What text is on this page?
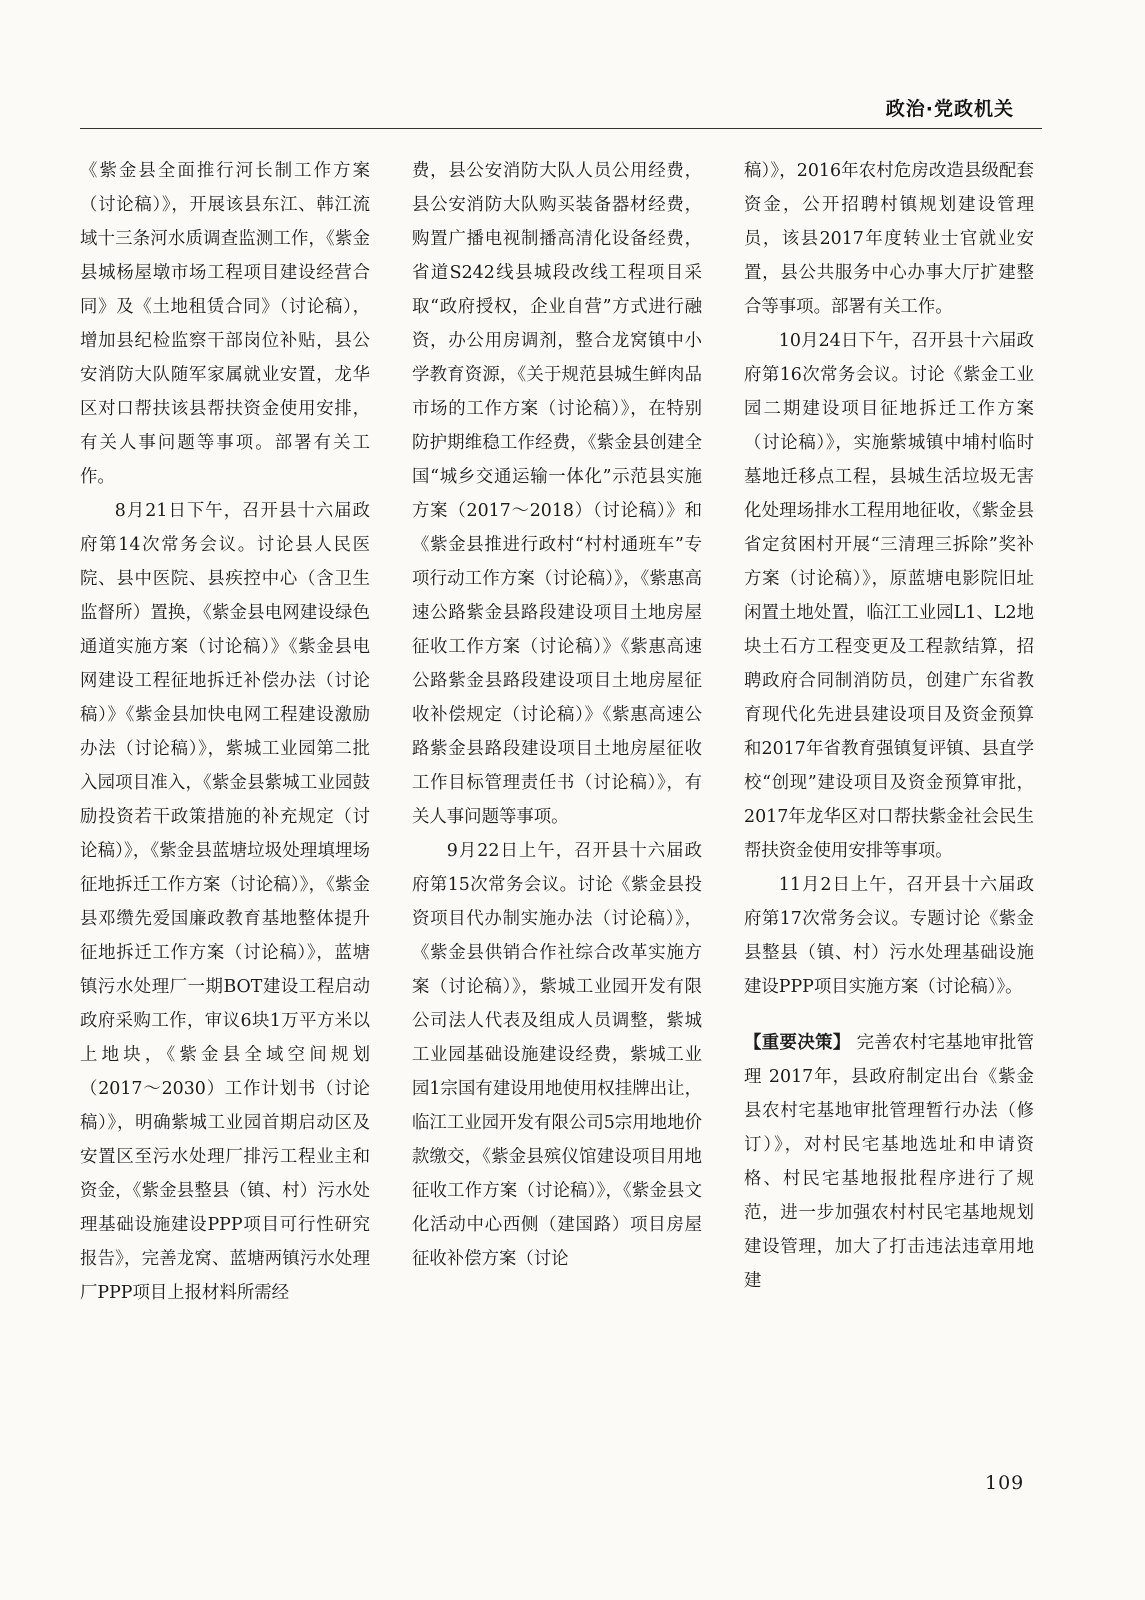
政治·党政机关

《紫金县全面推行河长制工作方案（讨论稿）》，开展该县东江、韩江流域十三条河水质调查监测工作，《紫金县城杨屋墩市场工程项目建设经营合同》及《土地租赁合同》（讨论稿），增加县纪检监察干部岗位补贴，县公安消防大队随军家属就业安置，龙华区对口帮扶该县帮扶资金使用安排，有关人事问题等事项。部署有关工作。

8月21日下午，召开县十六届政府第14次常务会议。讨论县人民医院、县中医院、县疾控中心（含卫生监督所）置换，《紫金县电网建设绿色通道实施方案（讨论稿）》《紫金县电网建设工程征地拆迁补偿办法（讨论稿）》《紫金县加快电网工程建设激励办法（讨论稿）》，紫城工业园第二批入园项目准入，《紫金县紫城工业园鼓励投资若干政策措施的补充规定（讨论稿）》，《紫金县蓝塘垃圾处理填埋场征地拆迁工作方案（讨论稿）》，《紫金县邓缵先爱国廉政教育基地整体提升征地拆迁工作方案（讨论稿）》，蓝塘镇污水处理厂一期BOT建设工程启动政府采购工作，审议6块1万平方米以上地块，《紫金县全域空间规划（2017～2030）工作计划书（讨论稿）》，明确紫城工业园首期启动区及安置区至污水处理厂排污工程业主和资金，《紫金县整县（镇、村）污水处理基础设施建设PPP项目可行性研究报告》，完善龙窝、蓝塘两镇污水处理厂PPP项目上报材料所需经

费，县公安消防大队人员公用经费，县公安消防大队购买装备器材经费，购置广播电视制播高清化设备经费，省道S242线县城段改线工程项目采取“政府授权，企业自营”方式进行融资，办公用房调剂，整合龙窝镇中小学教育资源，《关于规范县城生鲜肉品市场的工作方案（讨论稿）》，在特别防护期维稳工作经费，《紫金县创建全国“城乡交通运输一体化”示范县实施方案（2017～2018）（讨论稿）》和《紫金县推进行政村“村村通班车”专项行动工作方案（讨论稿）》，《紫惠高速公路紫金县路段建设项目土地房屋征收工作方案（讨论稿）》《紫惠高速公路紫金县路段建设项目土地房屋征收补偿规定（讨论稿）》《紫惠高速公路紫金县路段建设项目土地房屋征收工作目标管理责任书（讨论稿）》，有关人事问题等事项。

9月22日上午，召开县十六届政府第15次常务会议。讨论《紫金县投资项目代办制实施办法（讨论稿）》，《紫金县供销合作社综合改革实施方案（讨论稿）》，紫城工业园开发有限公司法人代表及组成人员调整，紫城工业园基础设施建设经费，紫城工业园1宗国有建设用地使用权挂牌出让，临江工业园开发有限公司5宗用地地价款缴交，《紫金县殡仪馆建设项目用地征收工作方案（讨论稿）》，《紫金县文化活动中心西侧（建国路）项目房屋征收补偿方案（讨论

稿）》，2016年农村危房改造县级配套资金，公开招聘村镇规划建设管理员，该县2017年度转业士官就业安置，县公共服务中心办事大厅扩建整合等事项。部署有关工作。

10月24日下午，召开县十六届政府第16次常务会议。讨论《紫金工业园二期建设项目征地拆迁工作方案（讨论稿）》，实施紫城镇中埔村临时墓地迁移点工程，县城生活垃圾无害化处理场排水工程用地征收，《紫金县省定贫困村开展“三清理三拆除”奖补方案（讨论稿）》，原蓝塘电影院旧址闲置土地处置，临江工业园L1、L2地块土石方工程变更及工程款结算，招聘政府合同制消防员，创建广东省教育现代化先进县建设项目及资金预算和2017年省教育强镇复评镇、县直学校“创现”建设项目及资金预算审批，2017年龙华区对口帮扶紫金社会民生帮扶资金使用安排等事项。

11月2日上午，召开县十六届政府第17次常务会议。专题讨论《紫金县整县（镇、村）污水处理基础设施建设PPP项目实施方案（讨论稿）》。

【重要决策】 完善农村宅基地审批管理 2017年，县政府制定出台《紫金县农村宅基地审批管理暂行办法（修订）》，对村民宅基地选址和申请资格、村民宅基地报批程序进行了规范，进一步加强农村村民宅基地规划建设管理，加大了打击违法违章用地建

109
